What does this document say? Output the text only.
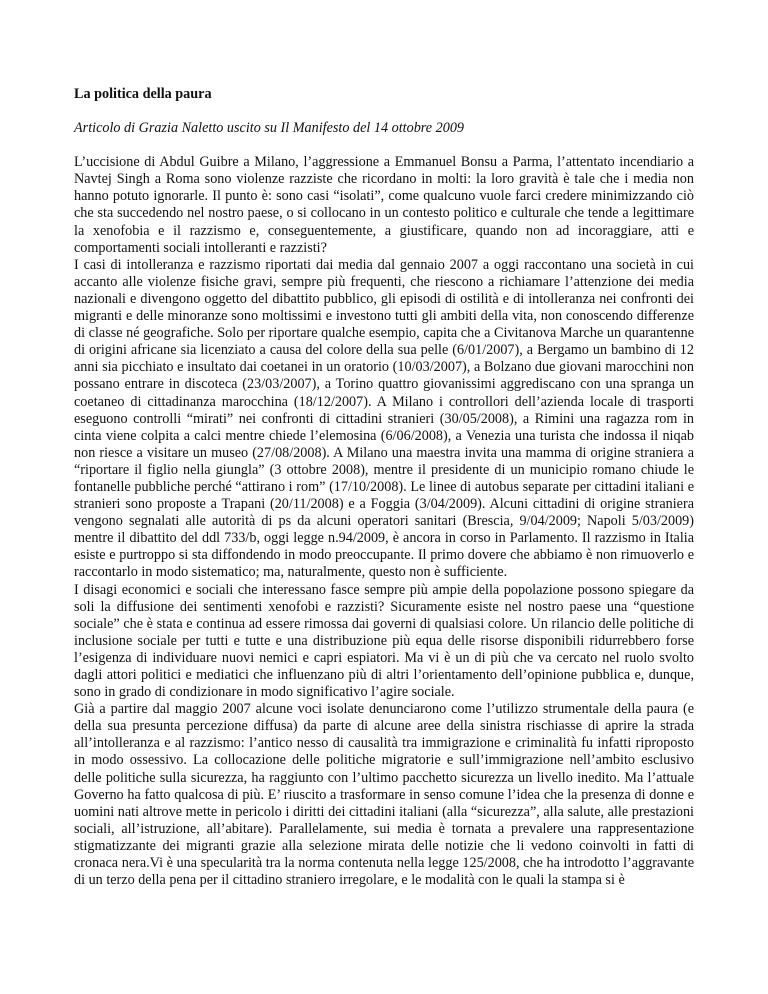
La politica della paura

Articolo di Grazia Naletto uscito su Il Manifesto del 14 ottobre 2009

L’uccisione di Abdul Guibre a Milano, l’aggressione a Emmanuel Bonsu a Parma, l’attentato incendiario a Navtej Singh a Roma sono violenze razziste che ricordano in molti: la loro gravità è tale che i media non hanno potuto ignorarle. Il punto è: sono casi “isolati”, come qualcuno vuole farci credere minimizzando ciò che sta succedendo nel nostro paese, o si collocano in un contesto politico e culturale che tende a legittimare la xenofobia e il razzismo e, conseguentemente, a giustificare, quando non ad incoraggiare, atti e comportamenti sociali intolleranti e razzisti?

I casi di intolleranza e razzismo riportati dai media dal gennaio 2007 a oggi raccontano una società in cui accanto alle violenze fisiche gravi, sempre più frequenti, che riescono a richiamare l’attenzione dei media nazionali e divengono oggetto del dibattito pubblico, gli episodi di ostilità e di intolleranza nei confronti dei migranti e delle minoranze sono moltissimi e investono tutti gli ambiti della vita, non conoscendo differenze di classe né geografiche. Solo per riportare qualche esempio, capita che a Civitanova Marche un quarantenne di origini africane sia licenziato a causa del colore della sua pelle (6/01/2007), a Bergamo un bambino di 12 anni sia picchiato e insultato dai coetanei in un oratorio (10/03/2007), a Bolzano due giovani marocchini non possano entrare in discoteca (23/03/2007), a Torino quattro giovanissimi aggrediscano con una spranga un coetaneo di cittadinanza marocchina (18/12/2007). A Milano i controllori dell’azienda locale di trasporti eseguono controlli “mirati” nei confronti di cittadini stranieri (30/05/2008), a Rimini una ragazza rom in cinta viene colpita a calci mentre chiede l’elemosina (6/06/2008), a Venezia una turista che indossa il niqab non riesce a visitare un museo (27/08/2008). A Milano una maestra invita una mamma di origine straniera a “riportare il figlio nella giungla” (3 ottobre 2008), mentre il presidente di un municipio romano chiude le fontanelle pubbliche perché “attirano i rom” (17/10/2008). Le linee di autobus separate per cittadini italiani e stranieri sono proposte a Trapani (20/11/2008) e a Foggia (3/04/2009). Alcuni cittadini di origine straniera vengono segnalati alle autorità di ps da alcuni operatori sanitari (Brescia, 9/04/2009; Napoli 5/03/2009) mentre il dibattito del ddl 733/b, oggi legge n.94/2009, è ancora in corso in Parlamento. Il razzismo in Italia esiste e purtroppo si sta diffondendo in modo preoccupante. Il primo dovere che abbiamo è non rimuoverlo e raccontarlo in modo sistematico; ma, naturalmente, questo non è sufficiente.

I disagi economici e sociali che interessano fasce sempre più ampie della popolazione possono spiegare da soli la diffusione dei sentimenti xenofobi e razzisti? Sicuramente esiste nel nostro paese una “questione sociale” che è stata e continua ad essere rimossa dai governi di qualsiasi colore. Un rilancio delle politiche di inclusione sociale per tutti e tutte e una distribuzione più equa delle risorse disponibili ridurrebbero forse l’esigenza di individuare nuovi nemici e capri espiatori. Ma vi è un di più che va cercato nel ruolo svolto dagli attori politici e mediatici che influenzano più di altri l’orientamento dell’opinione pubblica e, dunque, sono in grado di condizionare in modo significativo l’agire sociale.

Già a partire dal maggio 2007 alcune voci isolate denunciarono come l’utilizzo strumentale della paura (e della sua presunta percezione diffusa) da parte di alcune aree della sinistra rischiasse di aprire la strada all’intolleranza e al razzismo: l’antico nesso di causalità tra immigrazione e criminalità fu infatti riproposto in modo ossessivo. La collocazione delle politiche migratorie e sull’immigrazione nell’ambito esclusivo delle politiche sulla sicurezza, ha raggiunto con l’ultimo pacchetto sicurezza un livello inedito. Ma l’attuale Governo ha fatto qualcosa di più. E’ riuscito a trasformare in senso comune l’idea che la presenza di donne e uomini nati altrove mette in pericolo i diritti dei cittadini italiani (alla “sicurezza”, alla salute, alle prestazioni sociali, all’istruzione, all’abitare). Parallelamente, sui media è tornata a prevalere una rappresentazione stigmatizzante dei migranti grazie alla selezione mirata delle notizie che li vedono coinvolti in fatti di cronaca nera.Vi è una specularità tra la norma contenuta nella legge 125/2008, che ha introdotto l’aggravante di un terzo della pena per il cittadino straniero irregolare, e le modalità con le quali la stampa si è
